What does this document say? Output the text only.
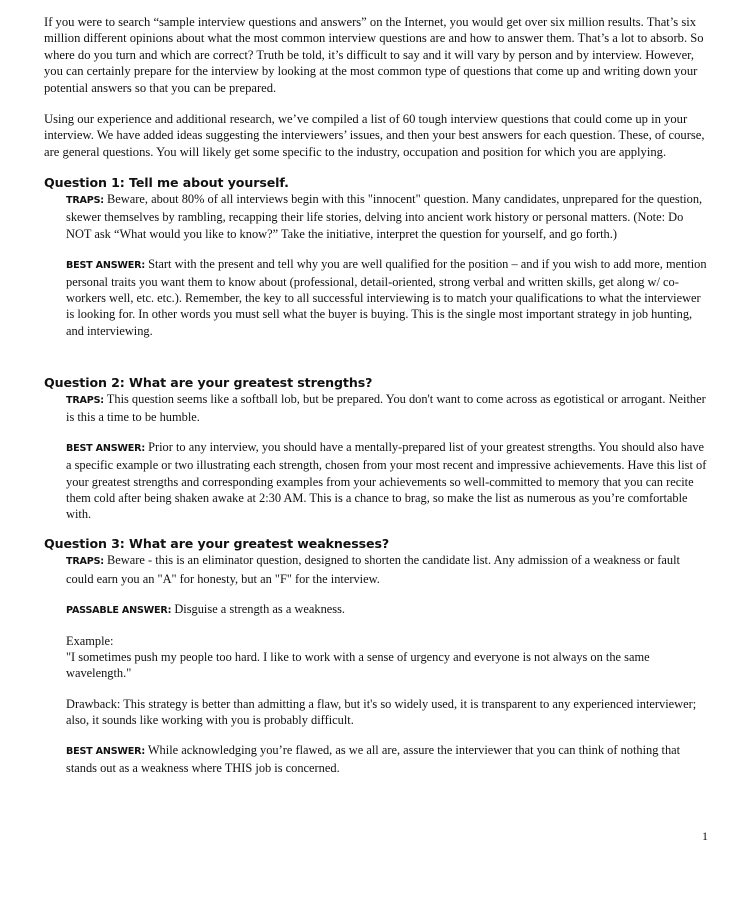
If you were to search “sample interview questions and answers” on the Internet, you would get over six million results. That’s six million different opinions about what the most common interview questions are and how to answer them. That’s a lot to absorb. So where do you turn and which are correct? Truth be told, it’s difficult to say and it will vary by person and by interview. However, you can certainly prepare for the interview by looking at the most common type of questions that come up and writing down your potential answers so that you can be prepared.

Using our experience and additional research, we’ve compiled a list of 60 tough interview questions that could come up in your interview. We have added ideas suggesting the interviewers’ issues, and then your best answers for each question. These, of course, are general questions. You will likely get some specific to the industry, occupation and position for which you are applying.

Question 1: Tell me about yourself.

TRAPS: Beware, about 80% of all interviews begin with this "innocent" question. Many candidates, unprepared for the question, skewer themselves by rambling, recapping their life stories, delving into ancient work history or personal matters. (Note: Do NOT ask “What would you like to know?” Take the initiative, interpret the question for yourself, and go forth.)

BEST ANSWER: Start with the present and tell why you are well qualified for the position – and if you wish to add more, mention personal traits you want them to know about (professional, detail-oriented, strong verbal and written skills, get along w/ co-workers well, etc. etc.). Remember, the key to all successful interviewing is to match your qualifications to what the interviewer is looking for. In other words you must sell what the buyer is buying. This is the single most important strategy in job hunting, and interviewing.

Question 2: What are your greatest strengths?

TRAPS: This question seems like a softball lob, but be prepared. You don't want to come across as egotistical or arrogant. Neither is this a time to be humble.

BEST ANSWER: Prior to any interview, you should have a mentally-prepared list of your greatest strengths. You should also have a specific example or two illustrating each strength, chosen from your most recent and impressive achievements. Have this list of your greatest strengths and corresponding examples from your achievements so well-committed to memory that you can recite them cold after being shaken awake at 2:30 AM. This is a chance to brag, so make the list as numerous as you’re comfortable with.

Question 3: What are your greatest weaknesses?

TRAPS: Beware - this is an eliminator question, designed to shorten the candidate list. Any admission of a weakness or fault could earn you an "A" for honesty, but an "F" for the interview.

PASSABLE ANSWER: Disguise a strength as a weakness.

Example:
"I sometimes push my people too hard. I like to work with a sense of urgency and everyone is not always on the same wavelength."

Drawback: This strategy is better than admitting a flaw, but it's so widely used, it is transparent to any experienced interviewer; also, it sounds like working with you is probably difficult.

BEST ANSWER: While acknowledging you’re flawed, as we all are, assure the interviewer that you can think of nothing that stands out as a weakness where THIS job is concerned.

1
